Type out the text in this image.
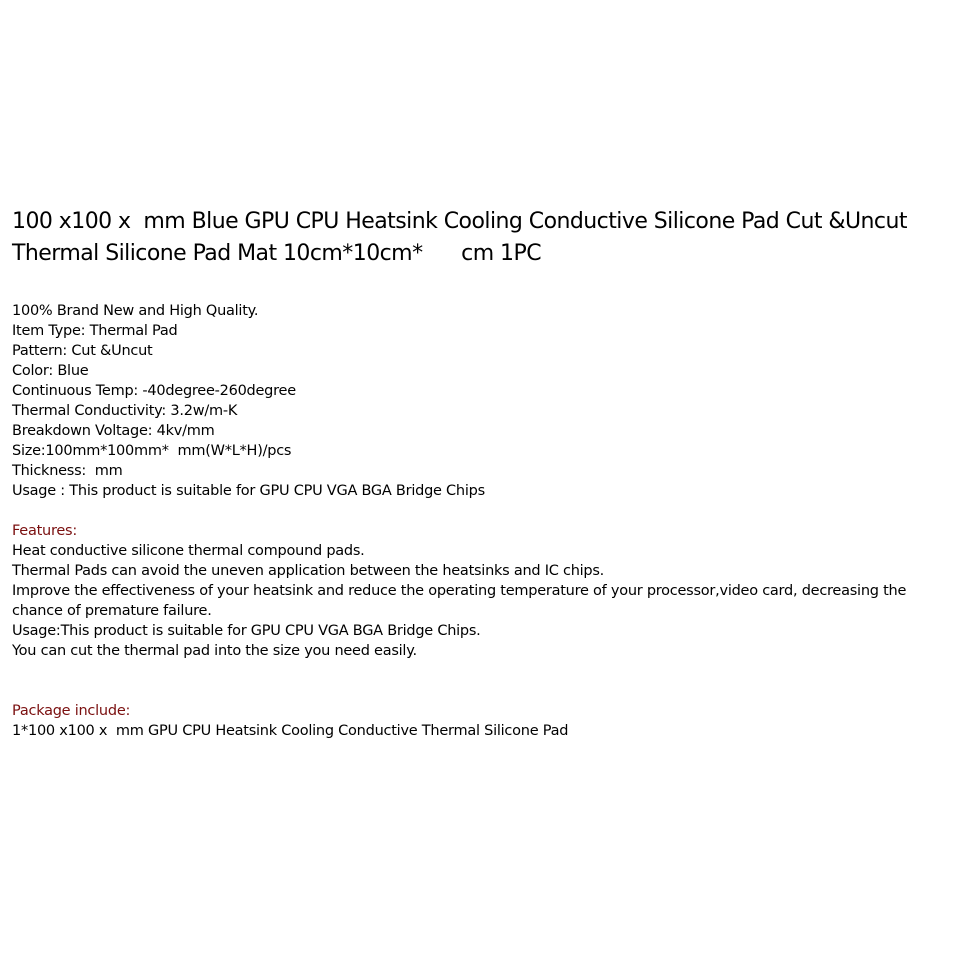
100 x100 x  mm Blue GPU CPU Heatsink Cooling Conductive Silicone Pad Cut &Uncut
Thermal Silicone Pad Mat 10cm*10cm*      cm 1PC
100% Brand New and High Quality.
Item Type: Thermal Pad
Pattern: Cut &Uncut
Color: Blue
Continuous Temp: -40degree-260degree
Thermal Conductivity: 3.2w/m-K
Breakdown Voltage: 4kv/mm
Size:100mm*100mm*  mm(W*L*H)/pcs
Thickness:  mm
Usage : This product is suitable for GPU CPU VGA BGA Bridge Chips
Features:
Heat conductive silicone thermal compound pads.
Thermal Pads can avoid the uneven application between the heatsinks and IC chips.
Improve the effectiveness of your heatsink and reduce the operating temperature of your processor,video card, decreasing the
chance of premature failure.
Usage:This product is suitable for GPU CPU VGA BGA Bridge Chips.
You can cut the thermal pad into the size you need easily.
Package include:
1*100 x100 x  mm GPU CPU Heatsink Cooling Conductive Thermal Silicone Pad
